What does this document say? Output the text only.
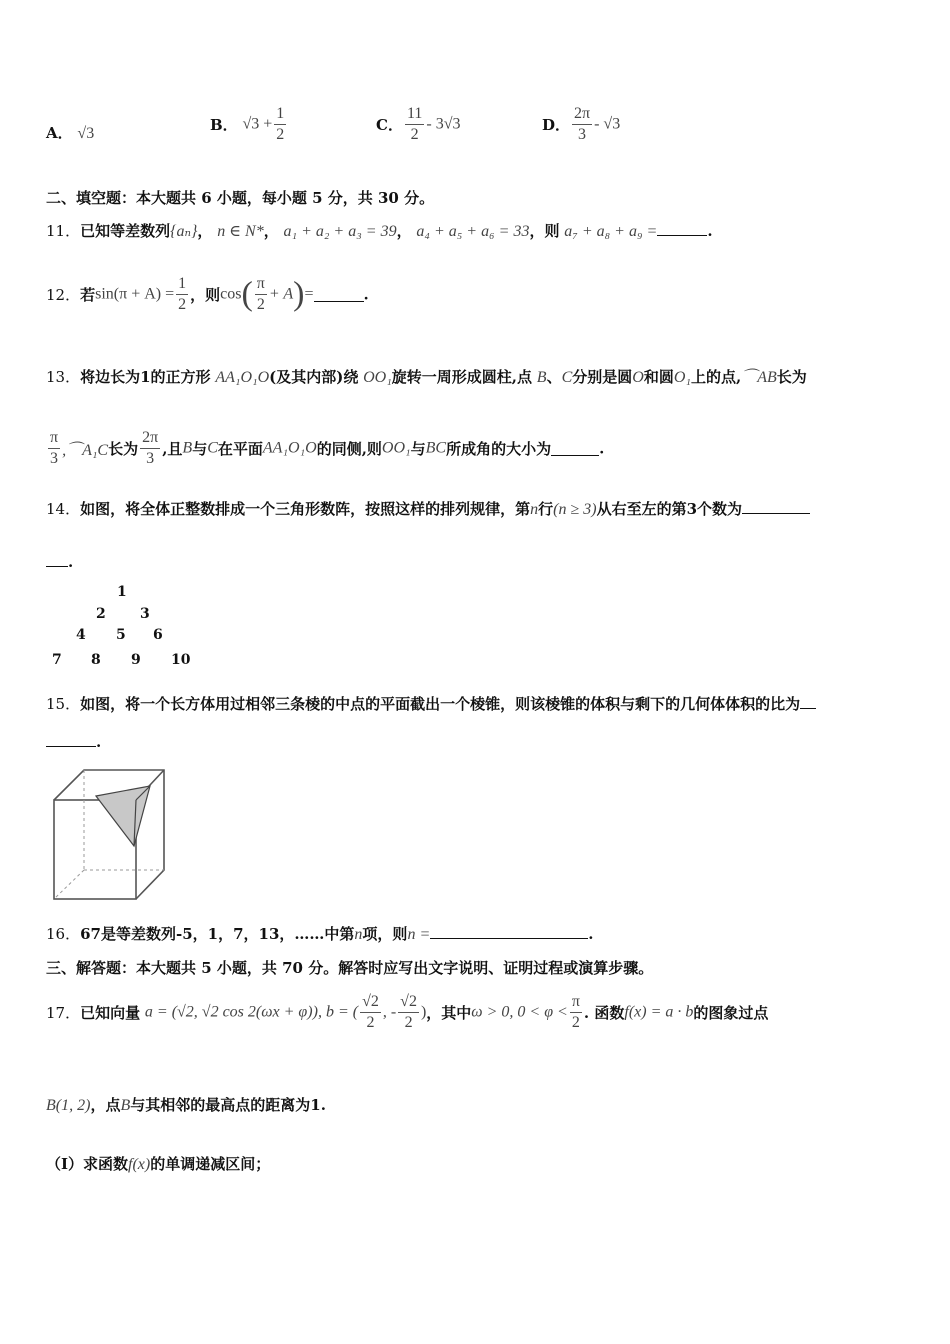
A． √3	B． $√3 + \frac{1}{2}$	C． $\frac{11}{2} - 3√3$	D． $\frac{2\pi}{3} - √3$
二、填空题：本大题共 6 小题，每小题 5 分，共 30 分。
11．已知等差数列{aₙ}， n ∈ N*， a₁ + a₂ + a₃ = 39， a₄ + a₅ + a₆ = 33，则 a₇ + a₈ + a₉ =	.
12．若$\sin(\pi + A) = \frac{1}{2}$ ，则$\cos( \frac{\pi}{2} + A)=$	.
13．将边长为1的正方形 AA₁O₁O(及其内部)绕 OO₁旋转一周形成圆柱,点 B、C分别是圆O和圆O₁上的点,⌒AB长为
$\frac{\pi}{3}$ ,⌒A₁C长为 $\frac{2\pi}{3}$ ,且B与C在平面AA₁O₁O的同侧,则OO₁与BC所成角的大小为	.
14．如图，将全体正整数排成一个三角形数阵，按照这样的排列规律，第n行(n ≥ 3)从右至左的第3个数为
.
1
2 3
4 5 6
7 8 9 10
15．如图，将一个长方体用过相邻三条棱的中点的平面截出一个棱锥，则该棱锥的体积与剩下的几何体体积的比为
.
16．67是等差数列-5，1，7，13，……中第n项，则n =	.
三、解答题：本大题共 5 小题，共 70 分。解答时应写出文字说明、证明过程或演算步骤。
17．已知向量 a = (√2, √2 cos 2(ωx + φ)), b = ( $\frac{√2}{2}$ , - $\frac{√2}{2}$ )，其中ω > 0, $0 < \varphi < \frac{\pi}{2}$ . 函数f(x) = a · b的图象过点
B(1, 2)，点B与其相邻的最高点的距离为1.
（Ⅰ）求函数f(x)的单调递减区间；
